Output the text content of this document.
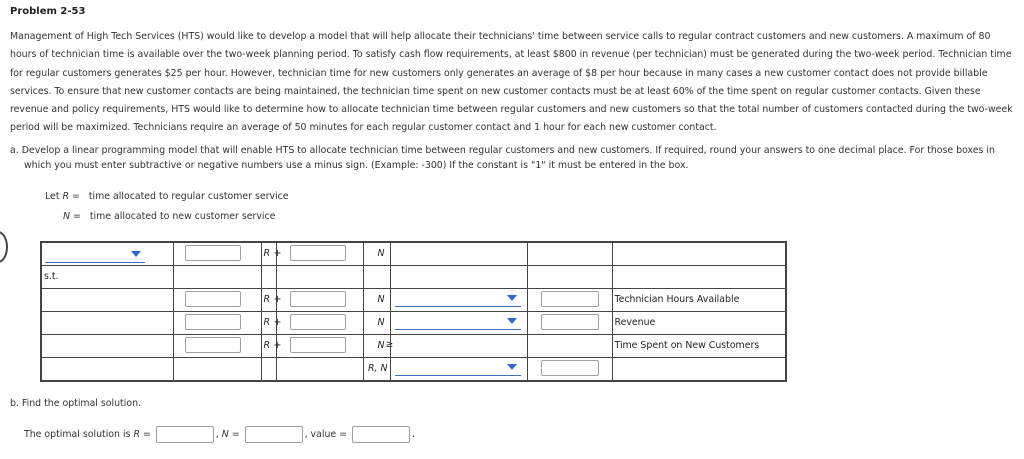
Problem 2-53
Management of High Tech Services (HTS) would like to develop a model that will help allocate their technicians' time between service calls to regular contract customers and new customers. A maximum of 80 hours of technician time is available over the two-week planning period. To satisfy cash flow requirements, at least $800 in revenue (per technician) must be generated during the two-week period. Technician time for regular customers generates $25 per hour. However, technician time for new customers only generates an average of $8 per hour because in many cases a new customer contact does not provide billable services. To ensure that new customer contacts are being maintained, the technician time spent on new customer contacts must be at least 60% of the time spent on regular customer contacts. Given these revenue and policy requirements, HTS would like to determine how to allocate technician time between regular customers and new customers so that the total number of customers contacted during the two-week period will be maximized. Technicians require an average of 50 minutes for each regular customer contact and 1 hour for each new customer contact.
a. Develop a linear programming model that will enable HTS to allocate technician time between regular customers and new customers. If required, round your answers to one decimal place. For those boxes in
which you must enter subtractive or negative numbers use a minus sign. (Example: -300) If the constant is "1" it must be entered in the box.
Let R = time allocated to regular customer service
N = time allocated to new customer service

		R +		N			

s.t.							

		R +		N			Technician Hours Available

		R +		N			Revenue

		R +		N ≥			Time Spent on New Customers

				R, N			

b. Find the optimal solution.
The optimal solution is R =	, N =	, value =	.
